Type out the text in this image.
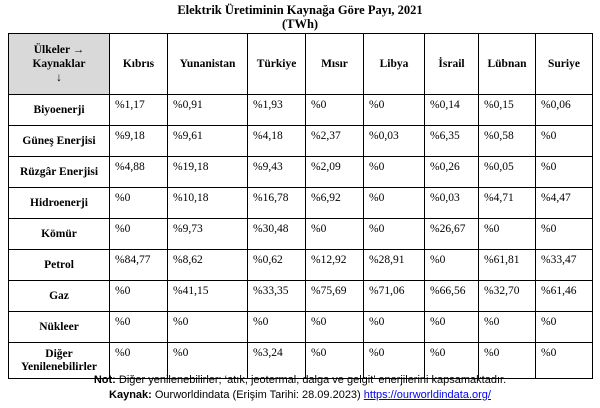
Elektrik Üretiminin Kaynağa Göre Payı, 2021
(TWh)
Ülkeler →
Kaynaklar
↓	Kıbrıs	Yunanistan	Türkiye	Mısır	Libya	İsrail	Lübnan	Suriye
Biyoenerji	%1,17	%0,91	%1,93	%0	%0	%0,14	%0,15	%0,06
Güneş Enerjisi	%9,18	%9,61	%4,18	%2,37	%0,03	%6,35	%0,58	%0
Rüzgâr Enerjisi	%4,88	%19,18	%9,43	%2,09	%0	%0,26	%0,05	%0
Hidroenerji	%0	%10,18	%16,78	%6,92	%0	%0,03	%4,71	%4,47
Kömür	%0	%9,73	%30,48	%0	%0	%26,67	%0	%0
Petrol	%84,77	%8,62	%0,62	%12,92	%28,91	%0	%61,81	%33,47
Gaz	%0	%41,15	%33,35	%75,69	%71,06	%66,56	%32,70	%61,46
Nükleer	%0	%0	%0	%0	%0	%0	%0	%0

Diğer
Yenilenebilirler	%0	%0	%3,24	%0	%0	%0	%0	%0
Not: Diğer yenilenebilirler; ‘atık, jeotermal, dalga ve gelgit’ enerjilerini kapsamaktadır.
Kaynak: Ourworldindata (Erişim Tarihi: 28.09.2023) https://ourworldindata.org/
